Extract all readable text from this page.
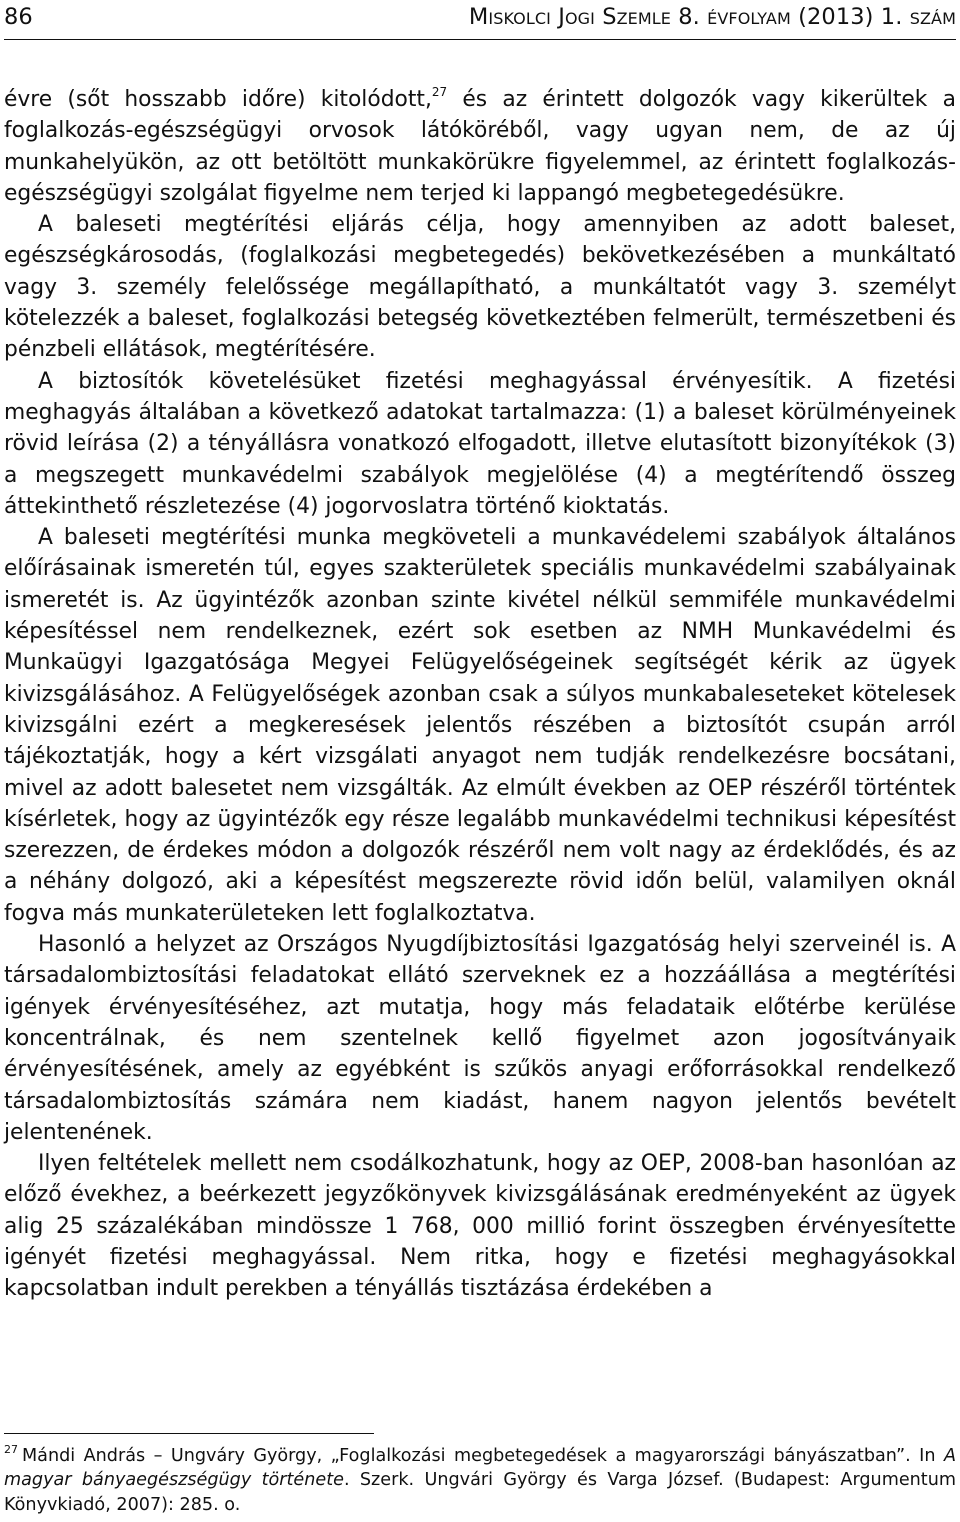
86	Miskolci Jogi Szemle 8. évfolyam (2013) 1. szám

évre (sőt hosszabb időre) kitolódott,$^{27}$ és az érintett dolgozók vagy kikerültek a foglalkozás-egészségügyi orvosok látóköréből, vagy ugyan nem, de az új munkahelyükön, az ott betöltött munkakörükre figyelemmel, az érintett foglalkozás-egészségügyi szolgálat figyelme nem terjed ki lappangó megbetegedésükre.

A baleseti megtérítési eljárás célja, hogy amennyiben az adott baleset, egészségkárosodás, (foglalkozási megbetegedés) bekövetkezésében a munkáltató vagy 3. személy felelőssége megállapítható, a munkáltatót vagy 3. személyt kötelezzék a baleset, foglalkozási betegség következtében felmerült, természetbeni és pénzbeli ellátások, megtérítésére.

A biztosítók követelésüket fizetési meghagyással érvényesítik. A fizetési meghagyás általában a következő adatokat tartalmazza: (1) a baleset körülményeinek rövid leírása (2) a tényállásra vonatkozó elfogadott, illetve elutasított bizonyítékok (3) a megszegett munkavédelmi szabályok megjelölése (4) a megtérítendő összeg áttekinthető részletezése (4) jogorvoslatra történő kioktatás.

A baleseti megtérítési munka megköveteli a munkavédelemi szabályok általános előírásainak ismeretén túl, egyes szakterületek speciális munkavédelmi szabályainak ismeretét is. Az ügyintézők azonban szinte kivétel nélkül semmiféle munkavédelmi képesítéssel nem rendelkeznek, ezért sok esetben az NMH Munkavédelmi és Munkaügyi Igazgatósága Megyei Felügyelőségeinek segítségét kérik az ügyek kivizsgálásához. A Felügyelőségek azonban csak a súlyos munkabaleseteket kötelesek kivizsgálni ezért a megkeresések jelentős részében a biztosítót csupán arról tájékoztatják, hogy a kért vizsgálati anyagot nem tudják rendelkezésre bocsátani, mivel az adott balesetet nem vizsgálták. Az elmúlt években az OEP részéről történtek kísérletek, hogy az ügyintézők egy része legalább munkavédelmi technikusi képesítést szerezzen, de érdekes módon a dolgozók részéről nem volt nagy az érdeklődés, és az a néhány dolgozó, aki a képesítést megszerezte rövid időn belül, valamilyen oknál fogva más munkaterületeken lett foglalkoztatva.

Hasonló a helyzet az Országos Nyugdíjbiztosítási Igazgatóság helyi szerveinél is. A társadalombiztosítási feladatokat ellátó szerveknek ez a hozzáállása a megtérítési igények érvényesítéséhez, azt mutatja, hogy más feladataik előtérbe kerülése koncentrálnak, és nem szentelnek kellő figyelmet azon jogosítványaik érvényesítésének, amely az egyébként is szűkös anyagi erőforrásokkal rendelkező társadalombiztosítás számára nem kiadást, hanem nagyon jelentős bevételt jelentenének.

Ilyen feltételek mellett nem csodálkozhatunk, hogy az OEP, 2008-ban hasonlóan az előző évekhez, a beérkezett jegyzőkönyvek kivizsgálásának eredményeként az ügyek alig 25 százalékában mindössze 1 768, 000 millió forint összegben érvényesítette igényét fizetési meghagyással. Nem ritka, hogy e fizetési meghagyásokkal kapcsolatban indult perekben a tényállás tisztázása érdekében a

$^{27}$ Mándi András – Ungváry György, „Foglalkozási megbetegedések a magyarországi bányászatban”. In A magyar bányaegészségügy története. Szerk. Ungvári György és Varga József. (Budapest: Argumentum Könyvkiadó, 2007): 285. o.
